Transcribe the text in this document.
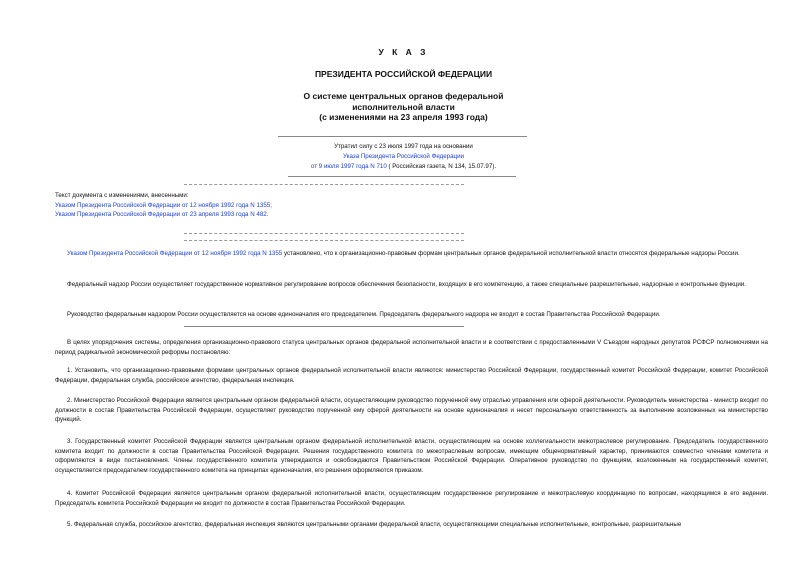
У К А З
ПРЕЗИДЕНТА РОССИЙСКОЙ ФЕДЕРАЦИИ
О системе центральных органов федеральной
исполнительной власти
(с изменениями на 23 апреля 1993 года)
Утратил силу с 23 июля 1997 года на основании
Указа Президента Российской Федерации
от 9 июля 1997 года N 710 ( Российская газета, N 134, 15.07.97).
Текст документа с изменениями, внесенными:
Указом Президента Российской Федерации от 12 ноября 1992 года N 1355;
Указом Президента Российской Федерации от 23 апреля 1993 года N 482.
Указом Президента Российской Федерации от 12 ноября 1992 года N 1355 установлено, что к организационно-правовым формам центральных органов федеральной исполнительной власти относятся федеральные надзоры России.
Федеральный надзор России осуществляет государственное нормативное регулирование вопросов обеспечения безопасности, входящих в его компетенцию, а также специальные разрешительные, надзорные и контрольные функции.
Руководство федеральным надзором России осуществляется на основе единоначалия его председателем. Председатель федерального надзора не входит в состав Правительства Российской Федерации.
В целях упорядочения системы, определения организационно-правового статуса центральных органов федеральной исполнительной власти и в соответствии с предоставленными V Съездом народных депутатов РСФСР полномочиями на период радикальной экономической реформы постановляю:
1. Установить, что организационно-правовыми формами центральных органов федеральной исполнительной власти являются: министерство Российской Федерации, государственный комитет Российской Федерации, комитет Российской Федерации, федеральная служба, российское агентство, федеральная инспекция.
2. Министерство Российской Федерации является центральным органом федеральной власти, осуществляющим руководство порученной ему отраслью управления или сферой деятельности. Руководитель министерства - министр входит по должности в состав Правительства Российской Федерации, осуществляет руководство порученной ему сферой деятельности на основе единоначалия и несет персональную ответственность за выполнение возложенных на министерство функций.
3. Государственный комитет Российской Федерации является центральным органом федеральной исполнительной власти, осуществляющим на основе коллегиальности межотраслевое регулирование. Председатель государственного комитета входит по должности в состав Правительства Российской Федерации. Решения государственного комитета по межотраслевым вопросам, имеющим общенормативный характер, принимаются совместно членами комитета и оформляются в виде постановления. Члены государственного комитета утверждаются и освобождаются Правительством Российской Федерации. Оперативное руководство по функциям, возложенным на государственный комитет, осуществляется председателем государственного комитета на принципах единоначалия, его решения оформляются приказом.
4. Комитет Российской Федерации является центральным органом федеральной исполнительной власти, осуществляющим государственное регулирование и межотраслевую координацию по вопросам, находящимся в его ведении. Председатель комитета Российской Федерации не входит по должности в состав Правительства Российской Федерации.
5. Федеральная служба, российское агентство, федеральная инспекция являются центральными органами федеральной власти, осуществляющими специальные исполнительные, контрольные, разрешительные
